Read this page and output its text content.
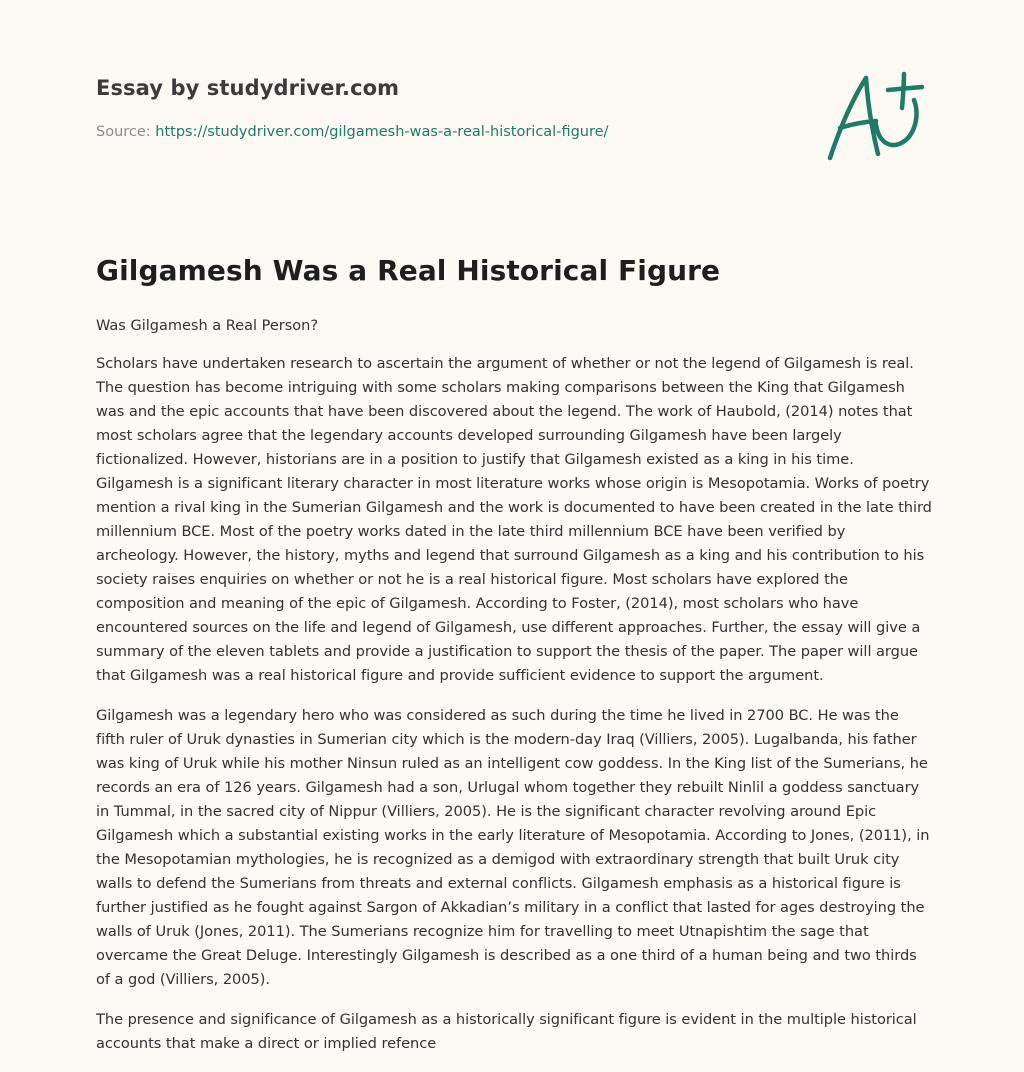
Essay by studydriver.com
Source: https://studydriver.com/gilgamesh-was-a-real-historical-figure/
Gilgamesh Was a Real Historical Figure

Was Gilgamesh a Real Person?

Scholars have undertaken research to ascertain the argument of whether or not the legend of Gilgamesh is real. The question has become intriguing with some scholars making comparisons between the King that Gilgamesh was and the epic accounts that have been discovered about the legend. The work of Haubold, (2014) notes that most scholars agree that the legendary accounts developed surrounding Gilgamesh have been largely fictionalized. However, historians are in a position to justify that Gilgamesh existed as a king in his time. Gilgamesh is a significant literary character in most literature works whose origin is Mesopotamia. Works of poetry mention a rival king in the Sumerian Gilgamesh and the work is documented to have been created in the late third millennium BCE. Most of the poetry works dated in the late third millennium BCE have been verified by archeology. However, the history, myths and legend that surround Gilgamesh as a king and his contribution to his society raises enquiries on whether or not he is a real historical figure. Most scholars have explored the composition and meaning of the epic of Gilgamesh. According to Foster, (2014), most scholars who have encountered sources on the life and legend of Gilgamesh, use different approaches. Further, the essay will give a summary of the eleven tablets and provide a justification to support the thesis of the paper. The paper will argue that Gilgamesh was a real historical figure and provide sufficient evidence to support the argument.

Gilgamesh was a legendary hero who was considered as such during the time he lived in 2700 BC. He was the fifth ruler of Uruk dynasties in Sumerian city which is the modern-day Iraq (Villiers, 2005). Lugalbanda, his father was king of Uruk while his mother Ninsun ruled as an intelligent cow goddess. In the King list of the Sumerians, he records an era of 126 years. Gilgamesh had a son, Urlugal whom together they rebuilt Ninlil a goddess sanctuary in Tummal, in the sacred city of Nippur (Villiers, 2005). He is the significant character revolving around Epic Gilgamesh which a substantial existing works in the early literature of Mesopotamia. According to Jones, (2011), in the Mesopotamian mythologies, he is recognized as a demigod with extraordinary strength that built Uruk city walls to defend the Sumerians from threats and external conflicts. Gilgamesh emphasis as a historical figure is further justified as he fought against Sargon of Akkadian’s military in a conflict that lasted for ages destroying the walls of Uruk (Jones, 2011). The Sumerians recognize him for travelling to meet Utnapishtim the sage that overcame the Great Deluge. Interestingly Gilgamesh is described as a one third of a human being and two thirds of a god (Villiers, 2005).

The presence and significance of Gilgamesh as a historically significant figure is evident in the multiple historical accounts that make a direct or implied refence
